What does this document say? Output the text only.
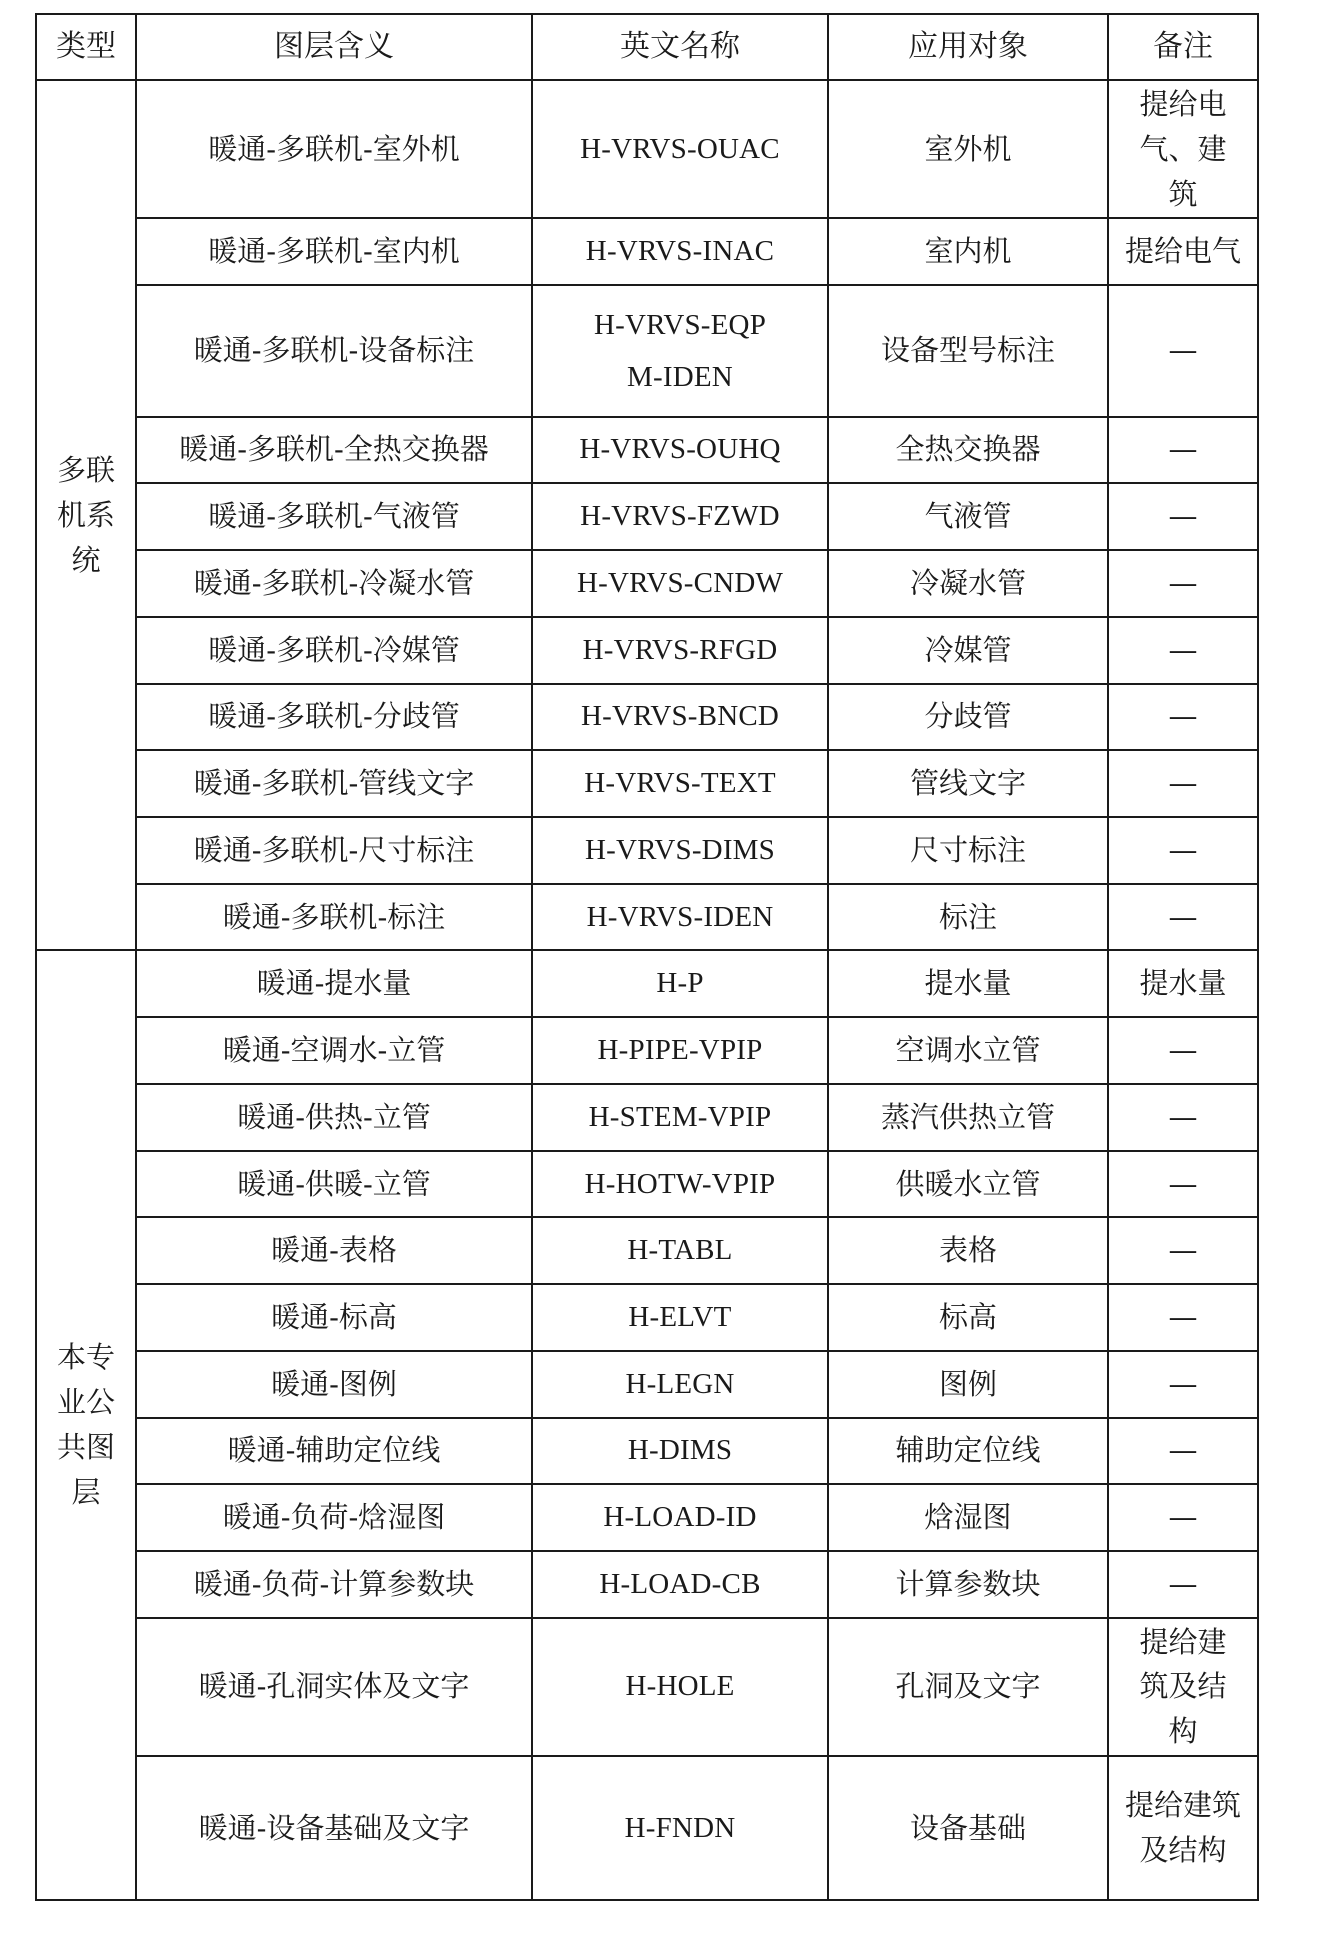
类型	图层含义	英文名称	应用对象	备注
多联机系统	暖通-多联机-室外机	H-VRVS-OUAC	室外机	提给电气、建筑
	暖通-多联机-室内机	H-VRVS-INAC	室内机	提给电气
	暖通-多联机-设备标注	H-VRVS-EQPM-IDEN	设备型号标注	—
	暖通-多联机-全热交换器	H-VRVS-OUHQ	全热交换器	—
	暖通-多联机-气液管	H-VRVS-FZWD	气液管	—
	暖通-多联机-冷凝水管	H-VRVS-CNDW	冷凝水管	—
	暖通-多联机-冷媒管	H-VRVS-RFGD	冷媒管	—
	暖通-多联机-分歧管	H-VRVS-BNCD	分歧管	—
	暖通-多联机-管线文字	H-VRVS-TEXT	管线文字	—
	暖通-多联机-尺寸标注	H-VRVS-DIMS	尺寸标注	—
	暖通-多联机-标注	H-VRVS-IDEN	标注	—
本专业公共图层	暖通-提水量	H-P	提水量	提水量
	暖通-空调水-立管	H-PIPE-VPIP	空调水立管	—
	暖通-供热-立管	H-STEM-VPIP	蒸汽供热立管	—
	暖通-供暖-立管	H-HOTW-VPIP	供暖水立管	—
	暖通-表格	H-TABL	表格	—
	暖通-标高	H-ELVT	标高	—
	暖通-图例	H-LEGN	图例	—
	暖通-辅助定位线	H-DIMS	辅助定位线	—
	暖通-负荷-焓湿图	H-LOAD-ID	焓湿图	—
	暖通-负荷-计算参数块	H-LOAD-CB	计算参数块	—
	暖通-孔洞实体及文字	H-HOLE	孔洞及文字	提给建筑及结构
	暖通-设备基础及文字	H-FNDN	设备基础	提给建筑及结构
